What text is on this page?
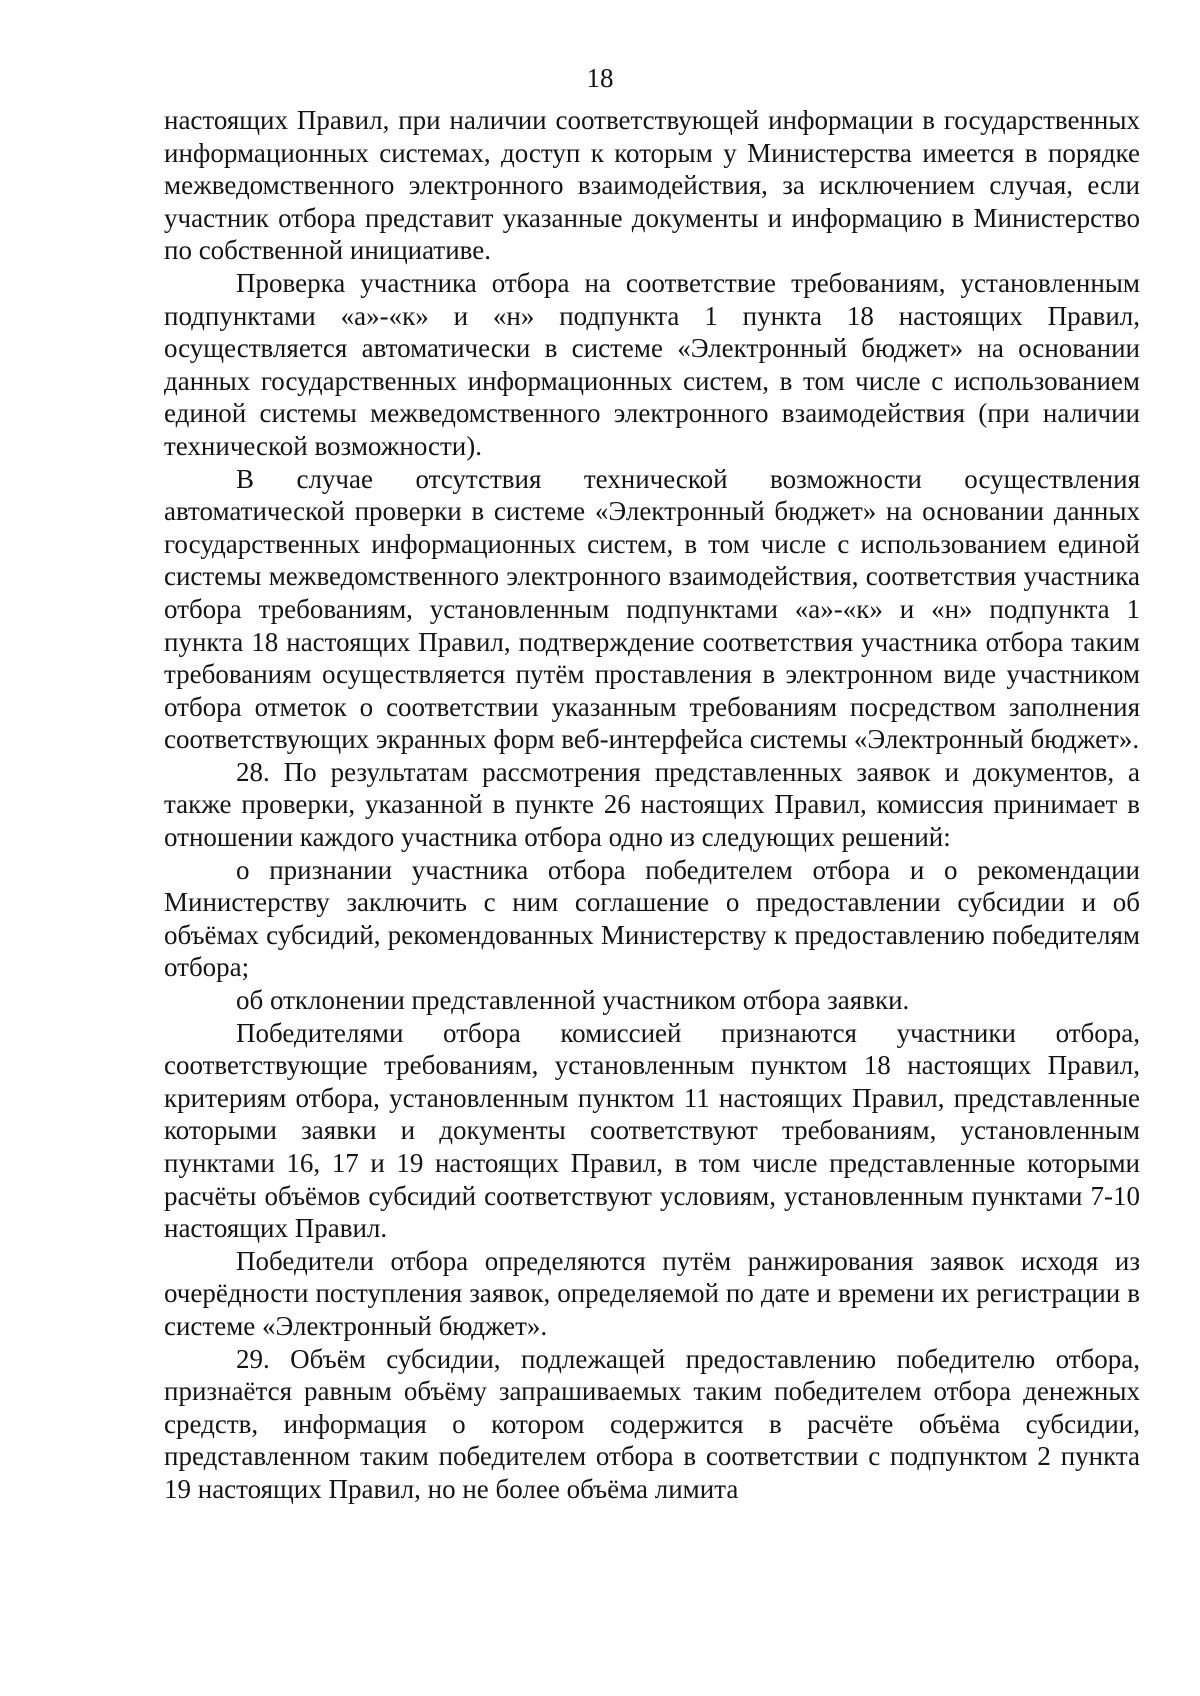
18

настоящих Правил, при наличии соответствующей информации в государственных информационных системах, доступ к которым у Министерства имеется в порядке межведомственного электронного взаимодействия, за исключением случая, если участник отбора представит указанные документы и информацию в Министерство по собственной инициативе.

Проверка участника отбора на соответствие требованиям, установленным подпунктами «а»-«к» и «н» подпункта 1 пункта 18 настоящих Правил, осуществляется автоматически в системе «Электронный бюджет» на основании данных государственных информационных систем, в том числе с использованием единой системы межведомственного электронного взаимодействия (при наличии технической возможности).

В случае отсутствия технической возможности осуществления автоматической проверки в системе «Электронный бюджет» на основании данных государственных информационных систем, в том числе с использованием единой системы межведомственного электронного взаимодействия, соответствия участника отбора требованиям, установленным подпунктами «а»-«к» и «н» подпункта 1 пункта 18 настоящих Правил, подтверждение соответствия участника отбора таким требованиям осуществляется путём проставления в электронном виде участником отбора отметок о соответствии указанным требованиям посредством заполнения соответствующих экранных форм веб-интерфейса системы «Электронный бюджет».

28. По результатам рассмотрения представленных заявок и документов, а также проверки, указанной в пункте 26 настоящих Правил, комиссия принимает в отношении каждого участника отбора одно из следующих решений:

о признании участника отбора победителем отбора и о рекомендации Министерству заключить с ним соглашение о предоставлении субсидии и об объёмах субсидий, рекомендованных Министерству к предоставлению победителям отбора;

об отклонении представленной участником отбора заявки.

Победителями отбора комиссией признаются участники отбора, соответствующие требованиям, установленным пунктом 18 настоящих Правил, критериям отбора, установленным пунктом 11 настоящих Правил, представленные которыми заявки и документы соответствуют требованиям, установленным пунктами 16, 17 и 19 настоящих Правил, в том числе представленные которыми расчёты объёмов субсидий соответствуют условиям, установленным пунктами 7-10 настоящих Правил.

Победители отбора определяются путём ранжирования заявок исходя из очерёдности поступления заявок, определяемой по дате и времени их регистрации в системе «Электронный бюджет».

29. Объём субсидии, подлежащей предоставлению победителю отбора, признаётся равным объёму запрашиваемых таким победителем отбора денежных средств, информация о котором содержится в расчёте объёма субсидии, представленном таким победителем отбора в соответствии с подпунктом 2 пункта 19 настоящих Правил, но не более объёма лимита
